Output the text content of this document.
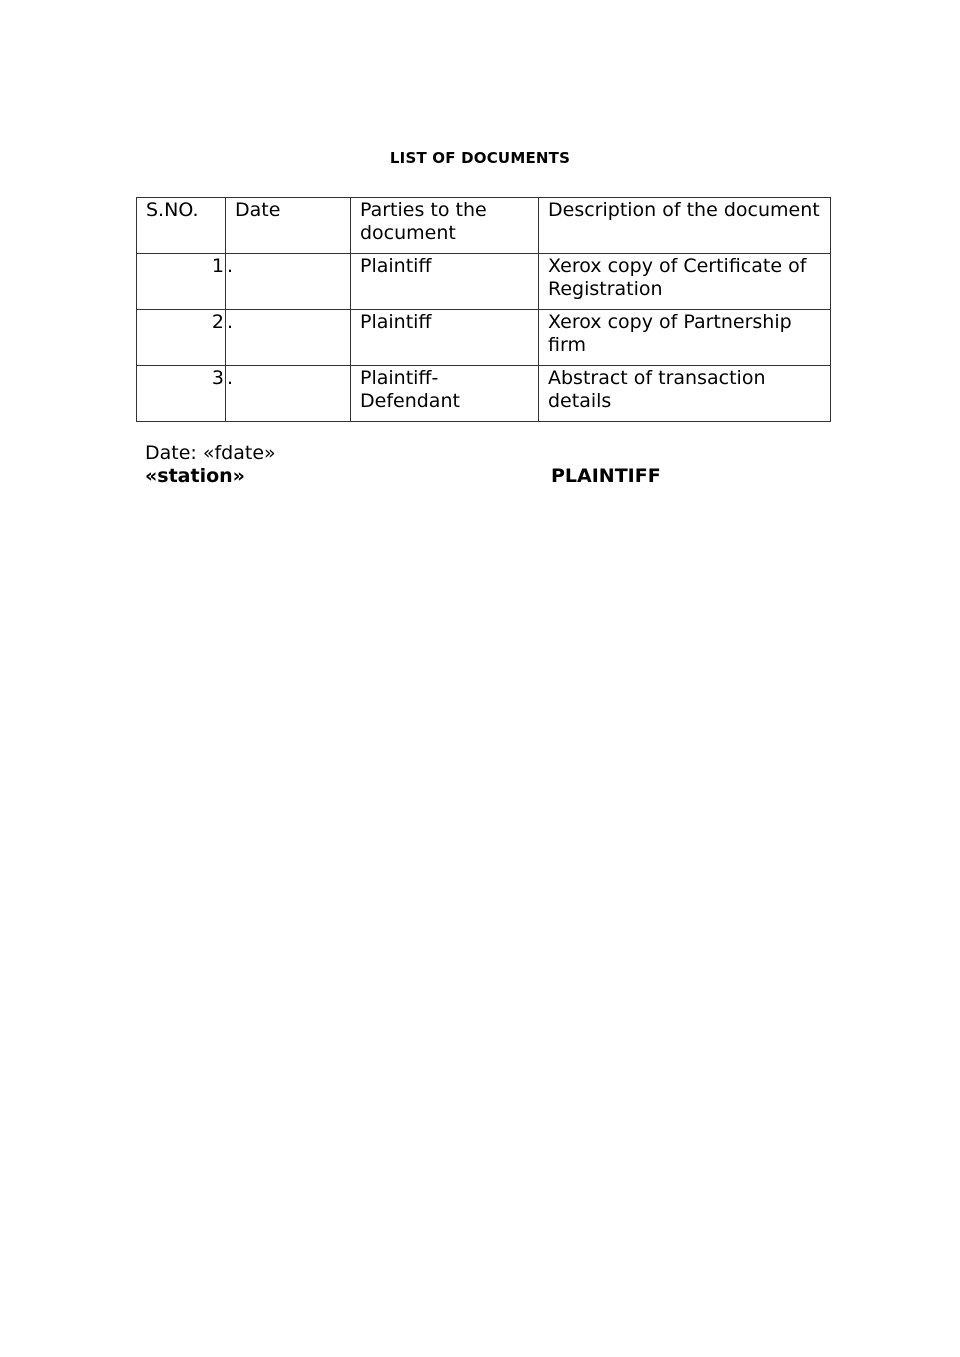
LIST OF DOCUMENTS
S.NO.	Date	Parties to the document	Description of the document

1	.	Plaintiff	Xerox copy of Certificate of Registration

2	.	Plaintiff	Xerox copy of Partnership firm

3	.	Plaintiff-Defendant	Abstract of transaction details
Date: «fdate»
«station»	PLAINTIFF
